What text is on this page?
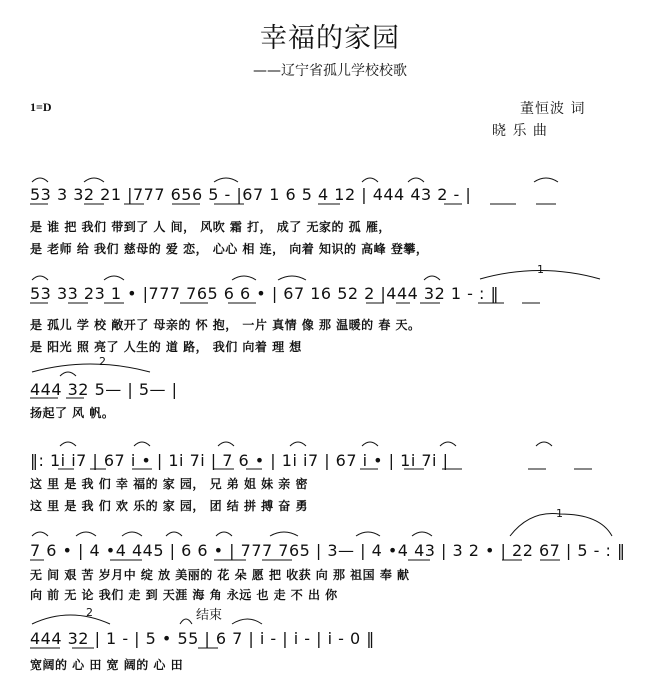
幸福的家园
——辽宁省孤儿学校校歌
1=D	董恒波 词
晓 乐 曲
53 3 32 21 |777 656 5 - |67 1 6 5 4 12 | 444 43 2 - |
是 谁 把 我们 带到了 人 间， 风吹 霜 打， 成了 无家的 孤 雁，
是 老师 给 我们 慈母的 爱 恋， 心心 相 连， 向着 知识的 高峰 登攀，
53 33 23 1 • |777 765 6 6 • | 67 16 52 2 |444 32 1 - : ‖
是 孤儿 学 校 敞开了 母亲的 怀 抱， 一片 真情 像 那 温暖的 春 天。
是 阳光 照 亮了 人生的 道 路， 我们 向着 理 想
444 32 5— | 5— |
扬起了 风 帆。
‖: 1i i7 | 67 i • | 1i 7i | 7 6 • | 1i i7 | 67 i • | 1i 7i |
这 里 是 我 们 幸 福的 家 园， 兄 弟 姐 妹 亲 密
这 里 是 我 们 欢 乐的 家 园， 团 结 拼 搏 奋 勇
7 6 • | 4 •4 445 | 6 6 • | 777 765 | 3— | 4 •4 43 | 3 2 • | 22 67 | 5 - : ‖
无 间 艰 苦 岁月中 绽 放 美丽的 花 朵 愿 把 收获 向 那 祖国 奉 献
向 前 无 论 我们 走 到 天涯 海 角 永远 也 走 不 出 你
结束
444 32 | 1 - | 5 • 55 | 6 7 | i - | i - | i - 0 ‖
宽阔的 心 田 宽 阔的 心 田
1
2
1
2
